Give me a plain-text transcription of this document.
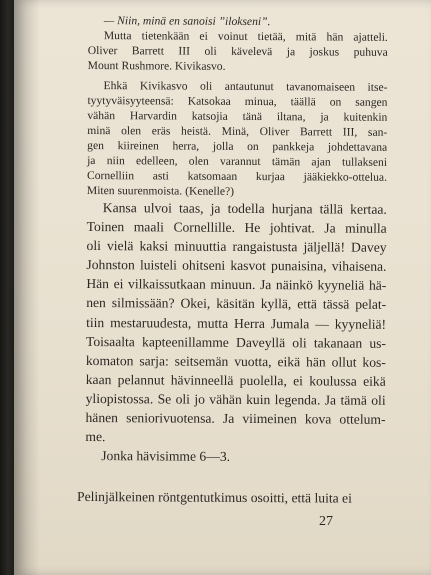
— Niin, minä en sanoisi ”ilokseni”.
Mutta tietenkään ei voinut tietää, mitä hän ajatteli.
Oliver Barrett III oli kävelevä ja joskus puhuva
Mount Rushmore. Kivikasvo.
Ehkä Kivikasvo oli antautunut tavanomaiseen itse-
tyytyväisyyteensä: Katsokaa minua, täällä on sangen
vähän Harvardin katsojia tänä iltana, ja kuitenkin
minä olen eräs heistä. Minä, Oliver Barrett III, san-
gen kiireinen herra, jolla on pankkeja johdettavana
ja niin edelleen, olen varannut tämän ajan tullakseni
Cornelliin asti katsomaan kurjaa jääkiekko-ottelua.
Miten suurenmoista. (Kenelle?)
Kansa ulvoi taas, ja todella hurjana tällä kertaa.
Toinen maali Cornellille. He johtivat. Ja minulla
oli vielä kaksi minuuttia rangaistusta jäljellä! Davey
Johnston luisteli ohitseni kasvot punaisina, vihaisena.
Hän ei vilkaissutkaan minuun. Ja näinkö kyyneliä hä-
nen silmissään? Okei, käsitän kyllä, että tässä pelat-
tiin mestaruudesta, mutta Herra Jumala — kyyneliä!
Toisaalta kapteenillamme Daveyllä oli takanaan us-
komaton sarja: seitsemän vuotta, eikä hän ollut kos-
kaan pelannut hävinneellä puolella, ei koulussa eikä
yliopistossa. Se oli jo vähän kuin legenda. Ja tämä oli
hänen seniorivuotensa. Ja viimeinen kova ottelum-
me.
Jonka hävisimme 6—3.
Pelinjälkeinen röntgentutkimus osoitti, että luita ei
27
